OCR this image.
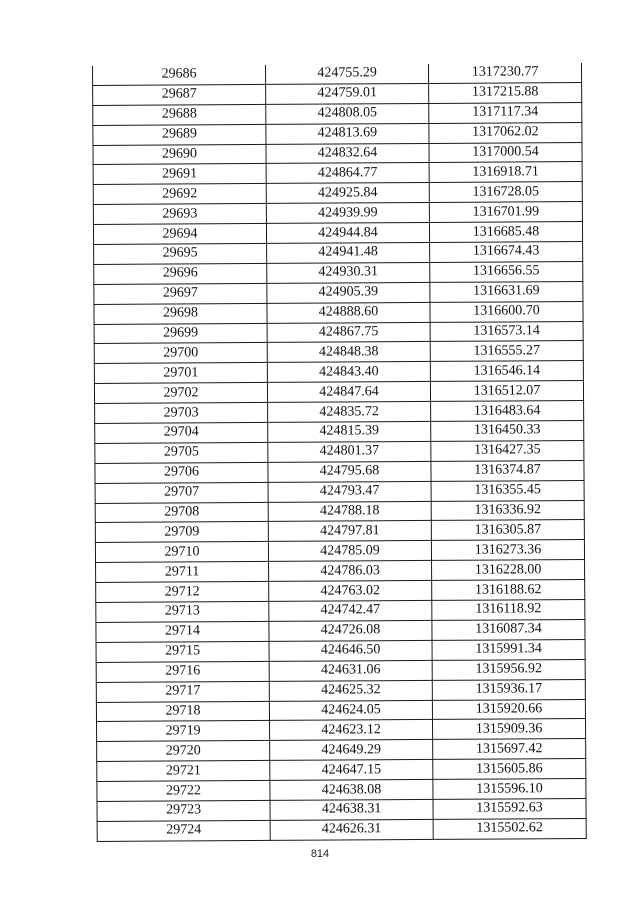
29686	424755.29	1317230.77
29687	424759.01	1317215.88
29688	424808.05	1317117.34
29689	424813.69	1317062.02
29690	424832.64	1317000.54
29691	424864.77	1316918.71
29692	424925.84	1316728.05
29693	424939.99	1316701.99
29694	424944.84	1316685.48
29695	424941.48	1316674.43
29696	424930.31	1316656.55
29697	424905.39	1316631.69
29698	424888.60	1316600.70
29699	424867.75	1316573.14
29700	424848.38	1316555.27
29701	424843.40	1316546.14
29702	424847.64	1316512.07
29703	424835.72	1316483.64
29704	424815.39	1316450.33
29705	424801.37	1316427.35
29706	424795.68	1316374.87
29707	424793.47	1316355.45
29708	424788.18	1316336.92
29709	424797.81	1316305.87
29710	424785.09	1316273.36
29711	424786.03	1316228.00
29712	424763.02	1316188.62
29713	424742.47	1316118.92
29714	424726.08	1316087.34
29715	424646.50	1315991.34
29716	424631.06	1315956.92
29717	424625.32	1315936.17
29718	424624.05	1315920.66
29719	424623.12	1315909.36
29720	424649.29	1315697.42
29721	424647.15	1315605.86
29722	424638.08	1315596.10
29723	424638.31	1315592.63
29724	424626.31	1315502.62
814
